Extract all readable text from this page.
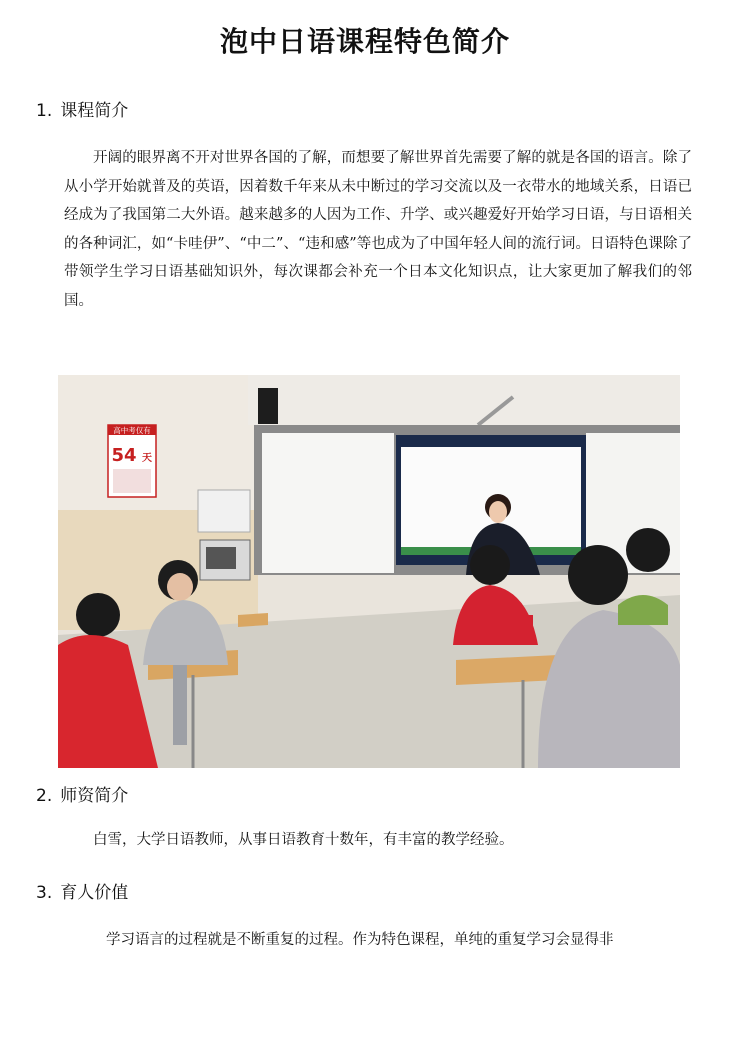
泡中日语课程特色简介
1. 课程简介
开阔的眼界离不开对世界各国的了解，而想要了解世界首先需要了解的就是各国的语言。除了从小学开始就普及的英语，因着数千年来从未中断过的学习交流以及一衣带水的地域关系，日语已经成为了我国第二大外语。越来越多的人因为工作、升学、或兴趣爱好开始学习日语，与日语相关的各种词汇，如“卡哇伊”、“中二”、“违和感”等也成为了中国年轻人间的流行词。日语特色课除了带领学生学习日语基础知识外，每次课都会补充一个日本文化知识点，让大家更加了解我们的邻国。
高中考仅有
54 天
2. 师资简介
白雪，大学日语教师，从事日语教育十数年，有丰富的教学经验。
3. 育人价值
学习语言的过程就是不断重复的过程。作为特色课程，单纯的重复学习会显得非
